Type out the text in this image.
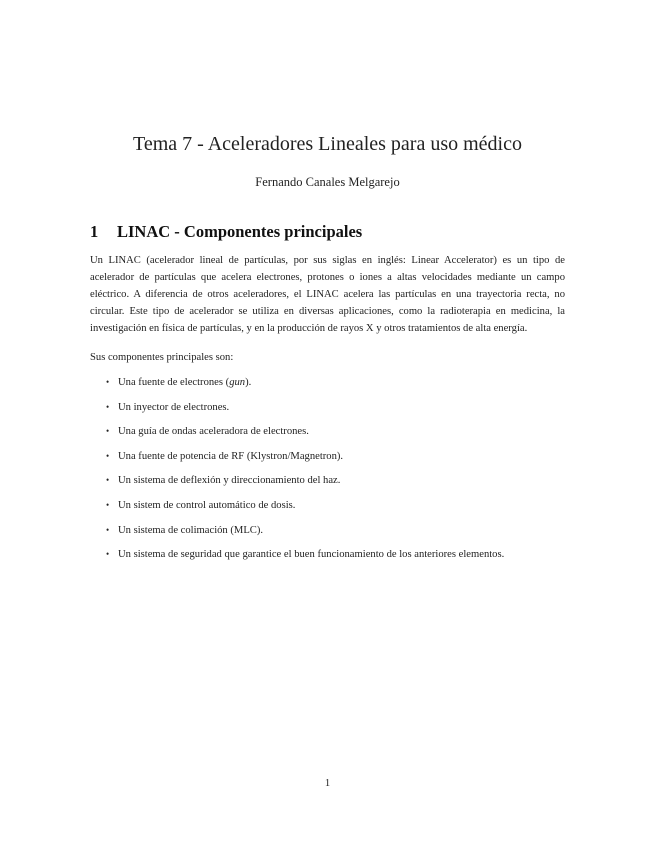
Tema 7 - Aceleradores Lineales para uso médico
Fernando Canales Melgarejo
1 LINAC - Componentes principales
Un LINAC (acelerador lineal de partículas, por sus siglas en inglés: Linear Accelerator) es un tipo de acelerador de partículas que acelera electrones, protones o iones a altas velocidades mediante un campo eléctrico. A diferencia de otros aceleradores, el LINAC acelera las partículas en una trayectoria recta, no circular. Este tipo de acelerador se utiliza en diversas aplicaciones, como la radioterapia en medicina, la investigación en física de partículas, y en la producción de rayos X y otros tratamientos de alta energía.
Sus componentes principales son:
• Una fuente de electrones (gun).
• Un inyector de electrones.
• Una guía de ondas aceleradora de electrones.
• Una fuente de potencia de RF (Klystron/Magnetron).
• Un sistema de deflexión y direccionamiento del haz.
• Un sistem de control automático de dosis.
• Un sistema de colimación (MLC).
• Un sistema de seguridad que garantice el buen funcionamiento de los anteriores elementos.
1
